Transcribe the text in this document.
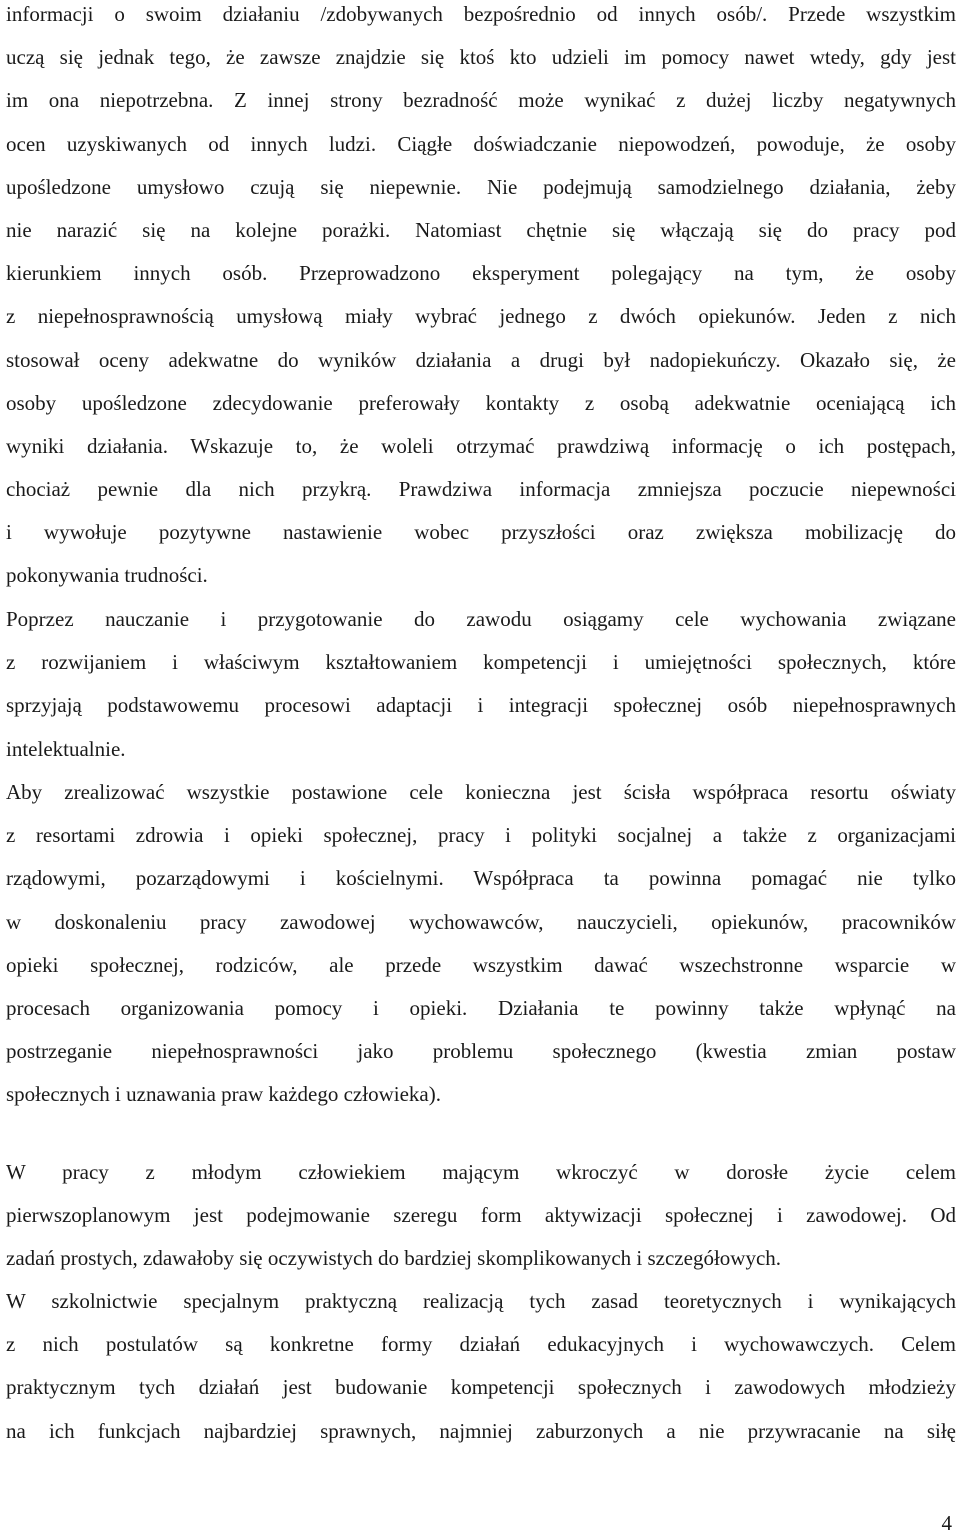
informacji o swoim działaniu /zdobywanych bezpośrednio od innych osób/. Przede wszystkim
uczą się jednak tego, że zawsze znajdzie się ktoś kto udzieli im pomocy nawet wtedy, gdy jest
im ona niepotrzebna. Z innej strony bezradność może wynikać z dużej liczby negatywnych
ocen uzyskiwanych od innych ludzi. Ciągłe doświadczanie niepowodzeń, powoduje, że osoby
upośledzone umysłowo czują się niepewnie. Nie podejmują samodzielnego działania, żeby
nie narazić się na kolejne porażki. Natomiast chętnie się włączają się do pracy pod
kierunkiem innych osób. Przeprowadzono eksperyment polegający na tym, że osoby
z niepełnosprawnością umysłową miały wybrać jednego z dwóch opiekunów. Jeden z nich
stosował oceny adekwatne do wyników działania a drugi był nadopiekuńczy. Okazało się, że
osoby upośledzone zdecydowanie preferowały kontakty z osobą adekwatnie oceniającą ich
wyniki działania. Wskazuje to, że woleli otrzymać prawdziwą informację o ich postępach,
chociaż pewnie dla nich przykrą. Prawdziwa informacja zmniejsza poczucie niepewności
i wywołuje pozytywne nastawienie wobec przyszłości oraz zwiększa mobilizację do
pokonywania trudności.
Poprzez nauczanie i przygotowanie do zawodu osiągamy cele wychowania związane
z rozwijaniem i właściwym kształtowaniem kompetencji i umiejętności społecznych, które
sprzyjają podstawowemu procesowi adaptacji i integracji społecznej osób niepełnosprawnych
intelektualnie.
Aby zrealizować wszystkie postawione cele konieczna jest ścisła współpraca resortu oświaty
z resortami zdrowia i opieki społecznej, pracy i polityki socjalnej a także z organizacjami
rządowymi, pozarządowymi i kościelnymi. Współpraca ta powinna pomagać nie tylko
w doskonaleniu pracy zawodowej wychowawców, nauczycieli, opiekunów, pracowników
opieki społecznej, rodziców, ale przede wszystkim dawać wszechstronne wsparcie w
procesach organizowania pomocy i opieki. Działania te powinny także wpłynąć na
postrzeganie niepełnosprawności jako problemu społecznego (kwestia zmian postaw
społecznych i uznawania praw każdego człowieka).
W pracy z młodym człowiekiem mającym wkroczyć w dorosłe życie celem
pierwszoplanowym jest podejmowanie szeregu form aktywizacji społecznej i zawodowej. Od
zadań prostych, zdawałoby się oczywistych do bardziej skomplikowanych i szczegółowych.
W szkolnictwie specjalnym praktyczną realizacją tych zasad teoretycznych i wynikających
z nich postulatów są konkretne formy działań edukacyjnych i wychowawczych. Celem
praktycznym tych działań jest budowanie kompetencji społecznych i zawodowych młodzieży
na ich funkcjach najbardziej sprawnych, najmniej zaburzonych a nie przywracanie na siłę
4
